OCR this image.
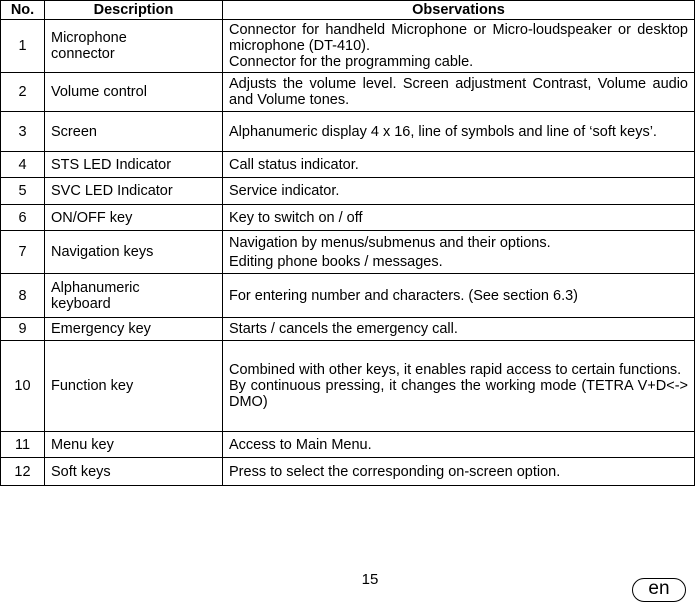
No.	Description	Observations
1	Microphone connector	Connector for handheld Microphone or Micro-loudspeaker or desktop microphone (DT-410).
Connector for the programming cable.

2	Volume control	Adjusts the volume level. Screen adjustment Contrast, Volume audio and Volume tones.

3	Screen	Alphanumeric display 4 x 16, line of symbols and line of ‘soft keys’.

4	STS LED Indicator	Call status indicator.

5	SVC LED Indicator	Service indicator.

6	ON/OFF key	Key to switch on / off

7	Navigation keys	Navigation by menus/submenus and their options.
Editing phone books / messages.

8	Alphanumeric keyboard	For entering number and characters. (See section 6.3)

9	Emergency key	Starts / cancels the emergency call.

10	Function key	Combined with other keys, it enables rapid access to certain functions.
By continuous pressing, it changes the working mode (TETRA V+D<-> DMO)

11	Menu key	Access to Main Menu.

12	Soft keys	Press to select the corresponding on-screen option.
15	en
